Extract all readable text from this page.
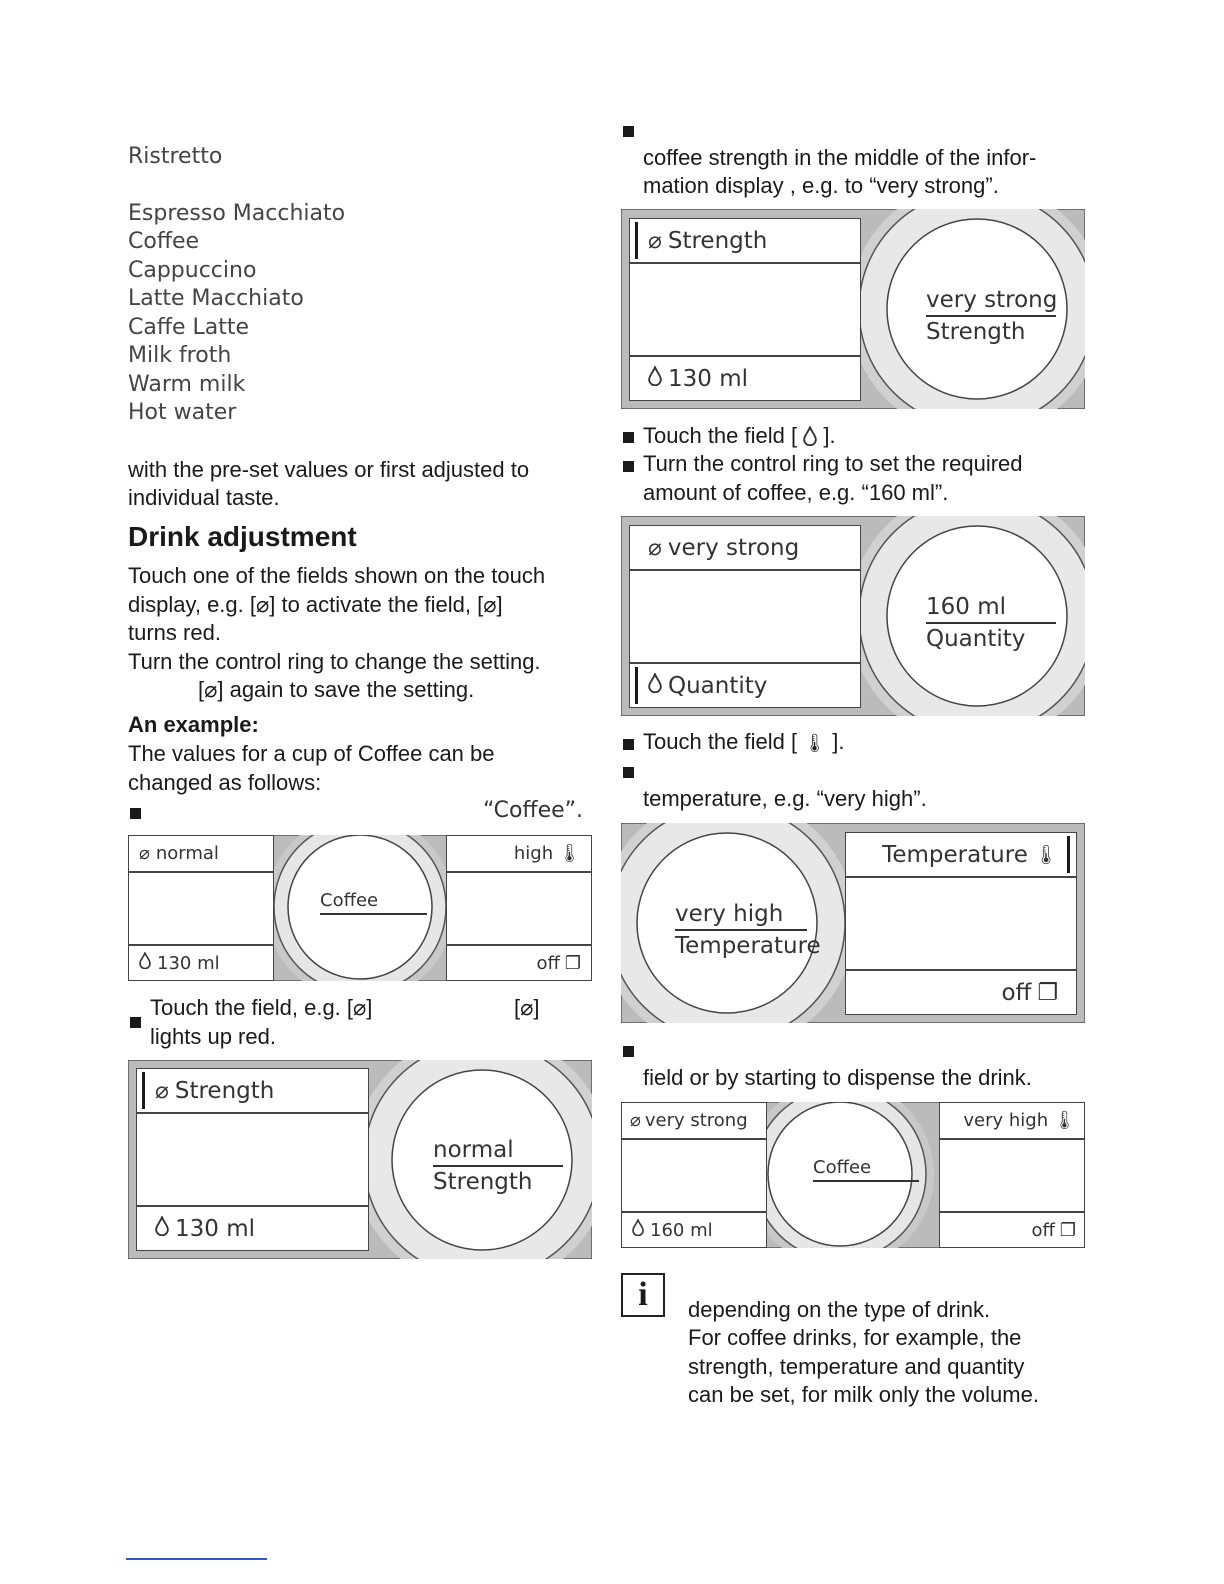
Ristretto
Espresso Macchiato
Coffee
Cappuccino
Latte Macchiato
Caffe Latte
Milk froth
Warm milk
Hot water
with the pre-set values or first adjusted to
individual taste.
Drink adjustment
Touch one of the fields shown on the touch
display, e.g. [⌀] to activate the field, [⌀]
turns red.
Turn the control ring to change the setting.
[⌀] again to save the setting.
An example:
The values for a cup of Coffee can be
changed as follows:
“Coffee”.
⌀ normal
130 ml
high 🌡
off ❐
Coffee
Touch the field, e.g. [⌀]	[⌀]
lights up red.
⌀ Strength
130 ml
normal
Strength
coffee strength in the middle of the infor-
mation display , e.g. to “very strong”.
⌀ Strength
130 ml
very strong
Strength
Touch the field [ ].
Turn the control ring to set the required
amount of coffee, e.g. “160 ml”.
⌀ very strong
Quantity
160 ml
Quantity
Touch the field [ 🌡 ].
temperature, e.g. “very high”.
Temperature 🌡
off ❐
very high
Temperature
field or by starting to dispense the drink.
⌀ very strong
160 ml
very high 🌡
off ❐
Coffee
i	depending on the type of drink.
For coffee drinks, for example, the
strength, temperature and quantity
can be set, for milk only the volume.
